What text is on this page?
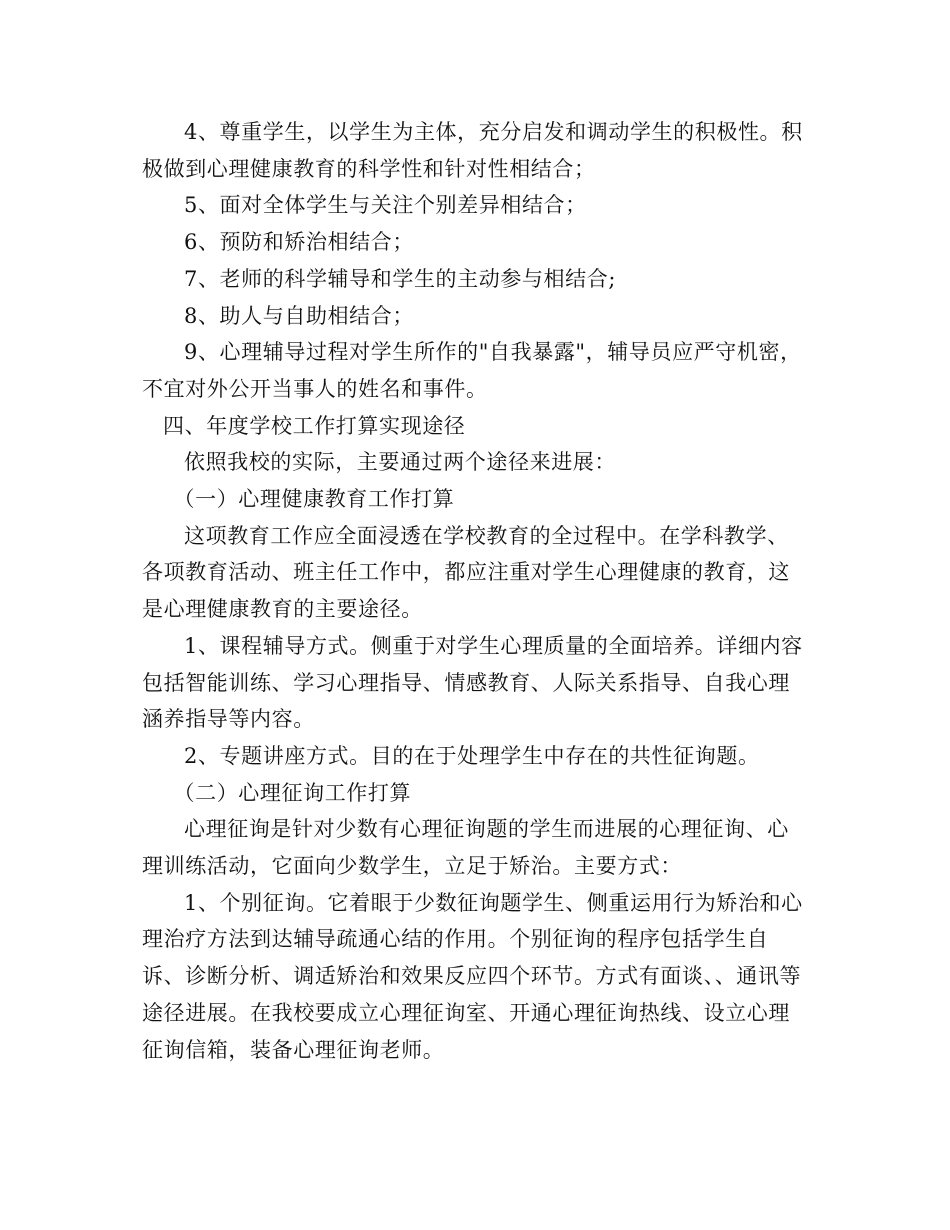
4、尊重学生，以学生为主体，充分启发和调动学生的积极性。积极做到心理健康教育的科学性和针对性相结合；

5、面对全体学生与关注个别差异相结合；

6、预防和矫治相结合；

7、老师的科学辅导和学生的主动参与相结合;

8、助人与自助相结合；

9、心理辅导过程对学生所作的"自我暴露"，辅导员应严守机密，不宜对外公开当事人的姓名和事件。

四、年度学校工作打算实现途径

依照我校的实际，主要通过两个途径来进展：

（一）心理健康教育工作打算

这项教育工作应全面浸透在学校教育的全过程中。在学科教学、各项教育活动、班主任工作中，都应注重对学生心理健康的教育，这是心理健康教育的主要途径。

1、课程辅导方式。侧重于对学生心理质量的全面培养。详细内容包括智能训练、学习心理指导、情感教育、人际关系指导、自我心理涵养指导等内容。

2、专题讲座方式。目的在于处理学生中存在的共性征询题。

（二）心理征询工作打算

心理征询是针对少数有心理征询题的学生而进展的心理征询、心理训练活动，它面向少数学生，立足于矫治。主要方式：

1、个别征询。它着眼于少数征询题学生、侧重运用行为矫治和心理治疗方法到达辅导疏通心结的作用。个别征询的程序包括学生自诉、诊断分析、调适矫治和效果反应四个环节。方式有面谈、、通讯等途径进展。在我校要成立心理征询室、开通心理征询热线、设立心理征询信箱，装备心理征询老师。
